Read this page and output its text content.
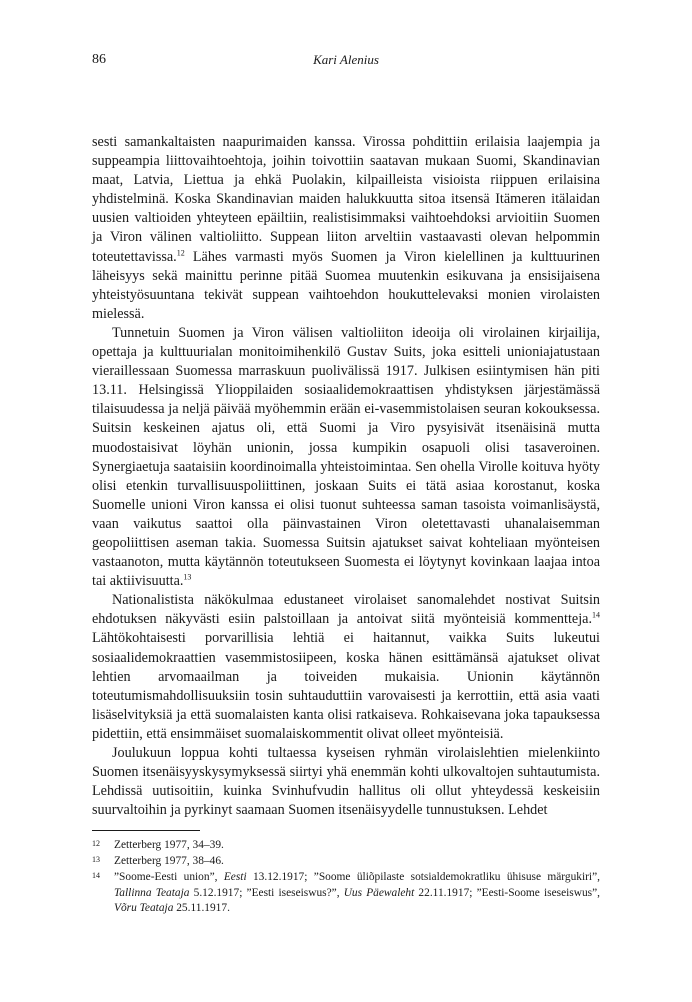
86	Kari Alenius

sesti samankaltaisten naapurimaiden kanssa. Virossa pohdittiin erilaisia laajempia ja suppeampia liittovaihtoehtoja, joihin toivottiin saatavan mukaan Suomi, Skandinavian maat, Latvia, Liettua ja ehkä Puolakin, kilpailleista visioista riippuen erilaisina yhdistelminä. Koska Skandinavian maiden halukkuutta sitoa itsensä Itämeren itälaidan uusien valtioiden yhteyteen epäiltiin, realistisimmaksi vaihtoehdoksi arvioitiin Suomen ja Viron välinen valtioliitto. Suppean liiton arveltiin vastaavasti olevan helpommin toteutettavissa.$^{12}$ Lähes varmasti myös Suomen ja Viron kielellinen ja kulttuurinen läheisyys sekä mainittu perinne pitää Suomea muutenkin esikuvana ja ensisijaisena yhteistyösuuntana tekivät suppean vaihtoehdon houkuttelevaksi monien virolaisten mielessä.

Tunnetuin Suomen ja Viron välisen valtioliiton ideoija oli virolainen kirjailija, opettaja ja kulttuurialan monitoimihenkilö Gustav Suits, joka esitteli unioniajatustaan vieraillessaan Suomessa marraskuun puolivälissä 1917. Julkisen esiintymisen hän piti 13.11. Helsingissä Ylioppilaiden sosiaalidemokraattisen yhdistyksen järjestämässä tilaisuudessa ja neljä päivää myöhemmin erään ei-vasemmistolaisen seuran kokouksessa. Suitsin keskeinen ajatus oli, että Suomi ja Viro pysyisivät itsenäisinä mutta muodostaisivat löyhän unionin, jossa kumpikin osapuoli olisi tasaveroinen. Synergiaetuja saataisiin koordinoimalla yhteistoimintaa. Sen ohella Virolle koituva hyöty olisi etenkin turvallisuuspoliittinen, joskaan Suits ei tätä asiaa korostanut, koska Suomelle unioni Viron kanssa ei olisi tuonut suhteessa saman tasoista voimanlisäystä, vaan vaikutus saattoi olla päinvastainen Viron oletettavasti uhanalaisemman geopoliittisen aseman takia. Suomessa Suitsin ajatukset saivat kohteliaan myönteisen vastaanoton, mutta käytännön toteutukseen Suomesta ei löytynyt kovinkaan laajaa intoa tai aktiivisuutta.$^{13}$

Nationalistista näkökulmaa edustaneet virolaiset sanomalehdet nostivat Suitsin ehdotuksen näkyvästi esiin palstoillaan ja antoivat siitä myönteisiä kommentteja.$^{14}$ Lähtökohtaisesti porvarillisia lehtiä ei haitannut, vaikka Suits lukeutui sosiaalidemokraattien vasemmistosiipeen, koska hänen esittämänsä ajatukset olivat lehtien arvomaailman ja toiveiden mukaisia. Unionin käytännön toteutumismahdollisuuksiin tosin suhtauduttiin varovaisesti ja kerrottiin, että asia vaati lisäselvityksiä ja että suomalaisten kanta olisi ratkaiseva. Rohkaisevana joka tapauksessa pidettiin, että ensimmäiset suomalaiskommentit olivat olleet myönteisiä.

Joulukuun loppua kohti tultaessa kyseisen ryhmän virolaislehtien mielenkiinto Suomen itsenäisyyskysymyksessä siirtyi yhä enemmän kohti ulkovaltojen suhtautumista. Lehdissä uutisoitiin, kuinka Svinhufvudin hallitus oli ollut yhteydessä keskeisiin suurvaltoihin ja pyrkinyt saamaan Suomen itsenäisyydelle tunnustuksen. Lehdet

12 Zetterberg 1977, 34–39.
13 Zetterberg 1977, 38–46.
14 ”Soome-Eesti union”, Eesti 13.12.1917; ”Soome üliõpilaste sotsialdemokratliku ühisuse märgukiri”, Tallinna Teataja 5.12.1917; ”Eesti iseseiswus?”, Uus Päewaleht 22.11.1917; ”Eesti-Soome iseseiswus”, Võru Teataja 25.11.1917.
